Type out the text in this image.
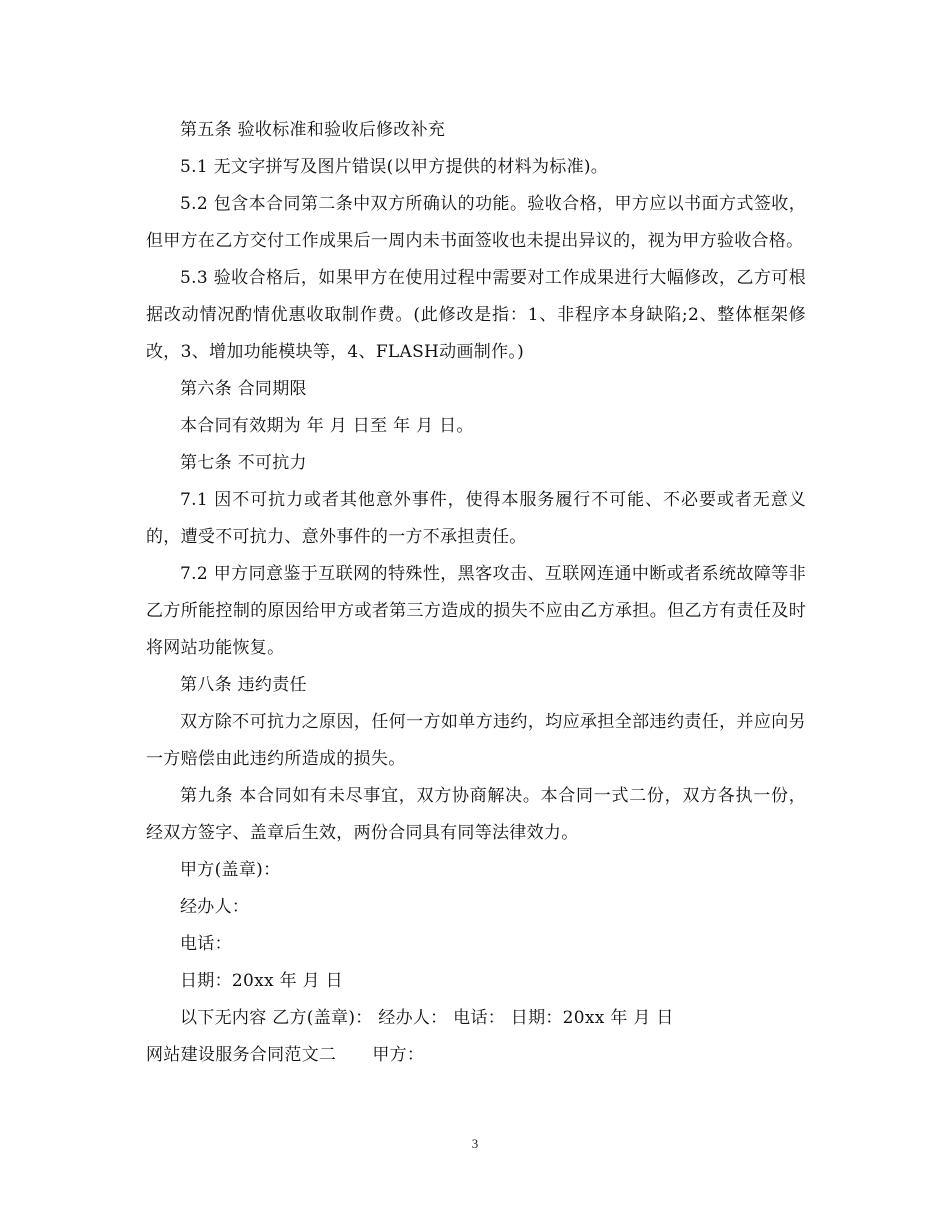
第五条 验收标准和验收后修改补充

5.1 无文字拼写及图片错误(以甲方提供的材料为标准)。

5.2 包含本合同第二条中双方所确认的功能。验收合格，甲方应以书面方式签收，但甲方在乙方交付工作成果后一周内未书面签收也未提出异议的，视为甲方验收合格。

5.3 验收合格后，如果甲方在使用过程中需要对工作成果进行大幅修改，乙方可根据改动情况酌情优惠收取制作费。(此修改是指：1、非程序本身缺陷;2、整体框架修改，3、增加功能模块等，4、FLASH动画制作。)

第六条 合同期限

本合同有效期为 年 月 日至 年 月 日。

第七条 不可抗力

7.1 因不可抗力或者其他意外事件，使得本服务履行不可能、不必要或者无意义的，遭受不可抗力、意外事件的一方不承担责任。

7.2 甲方同意鉴于互联网的特殊性，黑客攻击、互联网连通中断或者系统故障等非乙方所能控制的原因给甲方或者第三方造成的损失不应由乙方承担。但乙方有责任及时将网站功能恢复。

第八条 违约责任

双方除不可抗力之原因，任何一方如单方违约，均应承担全部违约责任，并应向另一方赔偿由此违约所造成的损失。

第九条 本合同如有未尽事宜，双方协商解决。本合同一式二份，双方各执一份，经双方签字、盖章后生效，两份合同具有同等法律效力。

甲方(盖章)：

经办人：

电话：

日期：20xx 年 月 日

以下无内容 乙方(盖章)： 经办人： 电话： 日期：20xx 年 月 日

网站建设服务合同范文二 甲方：

3
